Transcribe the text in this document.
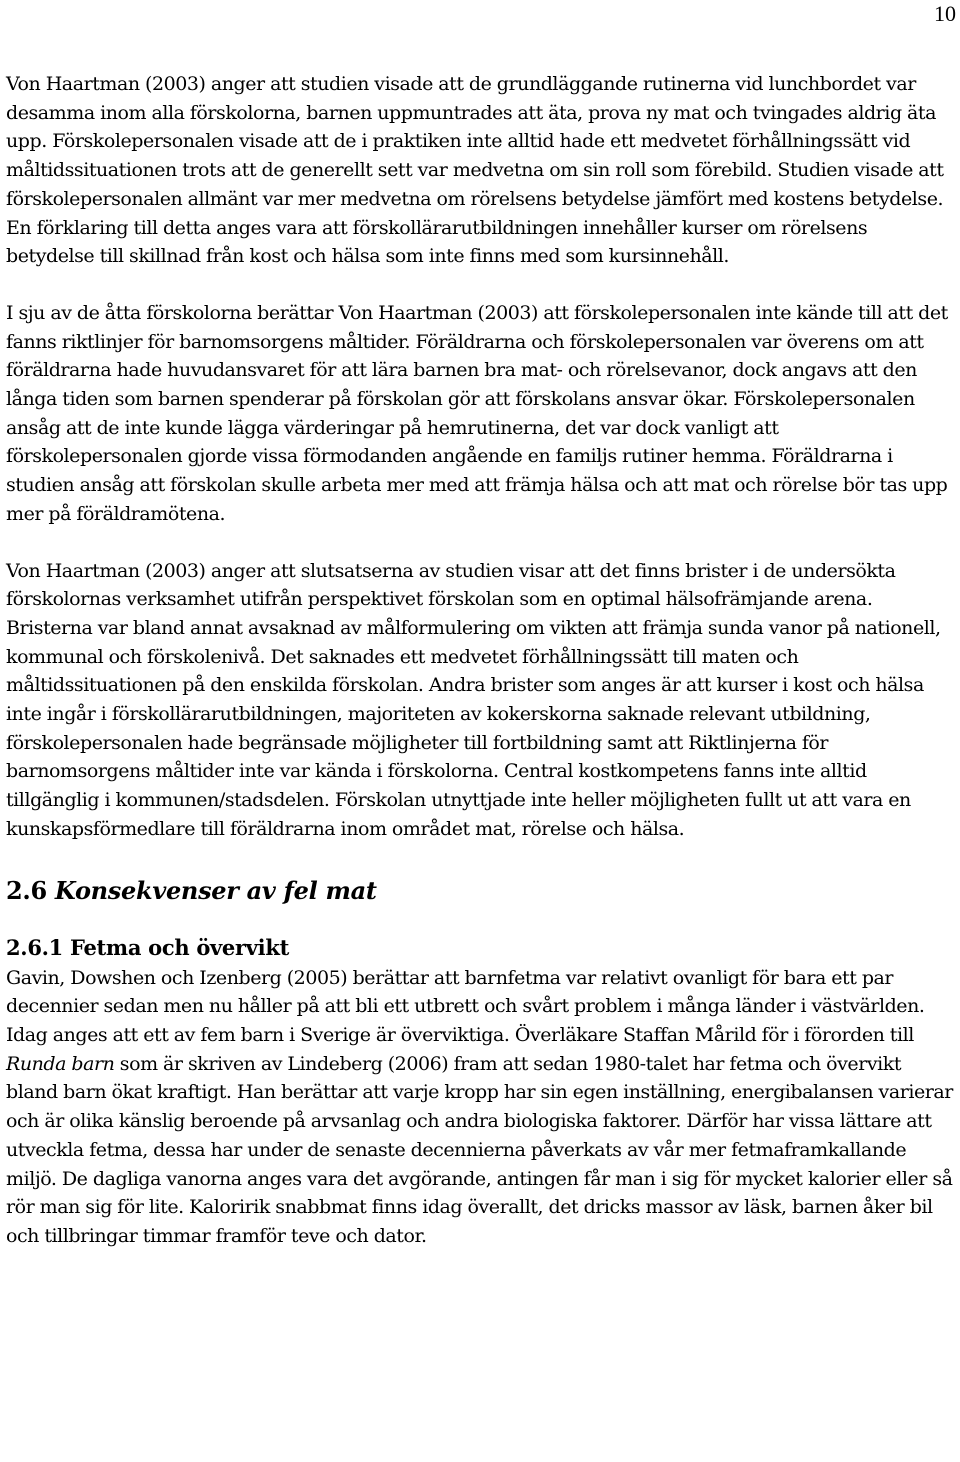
10

Von Haartman (2003) anger att studien visade att de grundläggande rutinerna vid lunchbordet var desamma inom alla förskolorna, barnen uppmuntrades att äta, prova ny mat och tvingades aldrig äta upp. Förskolepersonalen visade att de i praktiken inte alltid hade ett medvetet förhållningssätt vid måltidssituationen trots att de generellt sett var medvetna om sin roll som förebild. Studien visade att förskolepersonalen allmänt var mer medvetna om rörelsens betydelse jämfört med kostens betydelse. En förklaring till detta anges vara att förskollärarutbildningen innehåller kurser om rörelsens betydelse till skillnad från kost och hälsa som inte finns med som kursinnehåll.

I sju av de åtta förskolorna berättar Von Haartman (2003) att förskolepersonalen inte kände till att det fanns riktlinjer för barnomsorgens måltider. Föräldrarna och förskolepersonalen var överens om att föräldrarna hade huvudansvaret för att lära barnen bra mat- och rörelsevanor, dock angavs att den långa tiden som barnen spenderar på förskolan gör att förskolans ansvar ökar. Förskolepersonalen ansåg att de inte kunde lägga värderingar på hemrutinerna, det var dock vanligt att förskolepersonalen gjorde vissa förmodanden angående en familjs rutiner hemma. Föräldrarna i studien ansåg att förskolan skulle arbeta mer med att främja hälsa och att mat och rörelse bör tas upp mer på föräldramötena.

Von Haartman (2003) anger att slutsatserna av studien visar att det finns brister i de undersökta förskolornas verksamhet utifrån perspektivet förskolan som en optimal hälsofrämjande arena. Bristerna var bland annat avsaknad av målformulering om vikten att främja sunda vanor på nationell, kommunal och förskolenivå. Det saknades ett medvetet förhållningssätt till maten och måltidssituationen på den enskilda förskolan. Andra brister som anges är att kurser i kost och hälsa inte ingår i förskollärarutbildningen, majoriteten av kokerskorna saknade relevant utbildning, förskolepersonalen hade begränsade möjligheter till fortbildning samt att Riktlinjerna för barnomsorgens måltider inte var kända i förskolorna. Central kostkompetens fanns inte alltid tillgänglig i kommunen/stadsdelen. Förskolan utnyttjade inte heller möjligheten fullt ut att vara en kunskapsförmedlare till föräldrarna inom området mat, rörelse och hälsa.

2.6 Konsekvenser av fel mat
2.6.1 Fetma och övervikt

Gavin, Dowshen och Izenberg (2005) berättar att barnfetma var relativt ovanligt för bara ett par decennier sedan men nu håller på att bli ett utbrett och svårt problem i många länder i västvärlden. Idag anges att ett av fem barn i Sverige är överviktiga. Överläkare Staffan Mårild för i förorden till Runda barn som är skriven av Lindeberg (2006) fram att sedan 1980-talet har fetma och övervikt bland barn ökat kraftigt. Han berättar att varje kropp har sin egen inställning, energibalansen varierar och är olika känslig beroende på arvsanlag och andra biologiska faktorer. Därför har vissa lättare att utveckla fetma, dessa har under de senaste decennierna påverkats av vår mer fetmaframkallande miljö. De dagliga vanorna anges vara det avgörande, antingen får man i sig för mycket kalorier eller så rör man sig för lite. Kaloririk snabbmat finns idag överallt, det dricks massor av läsk, barnen åker bil och tillbringar timmar framför teve och dator.
